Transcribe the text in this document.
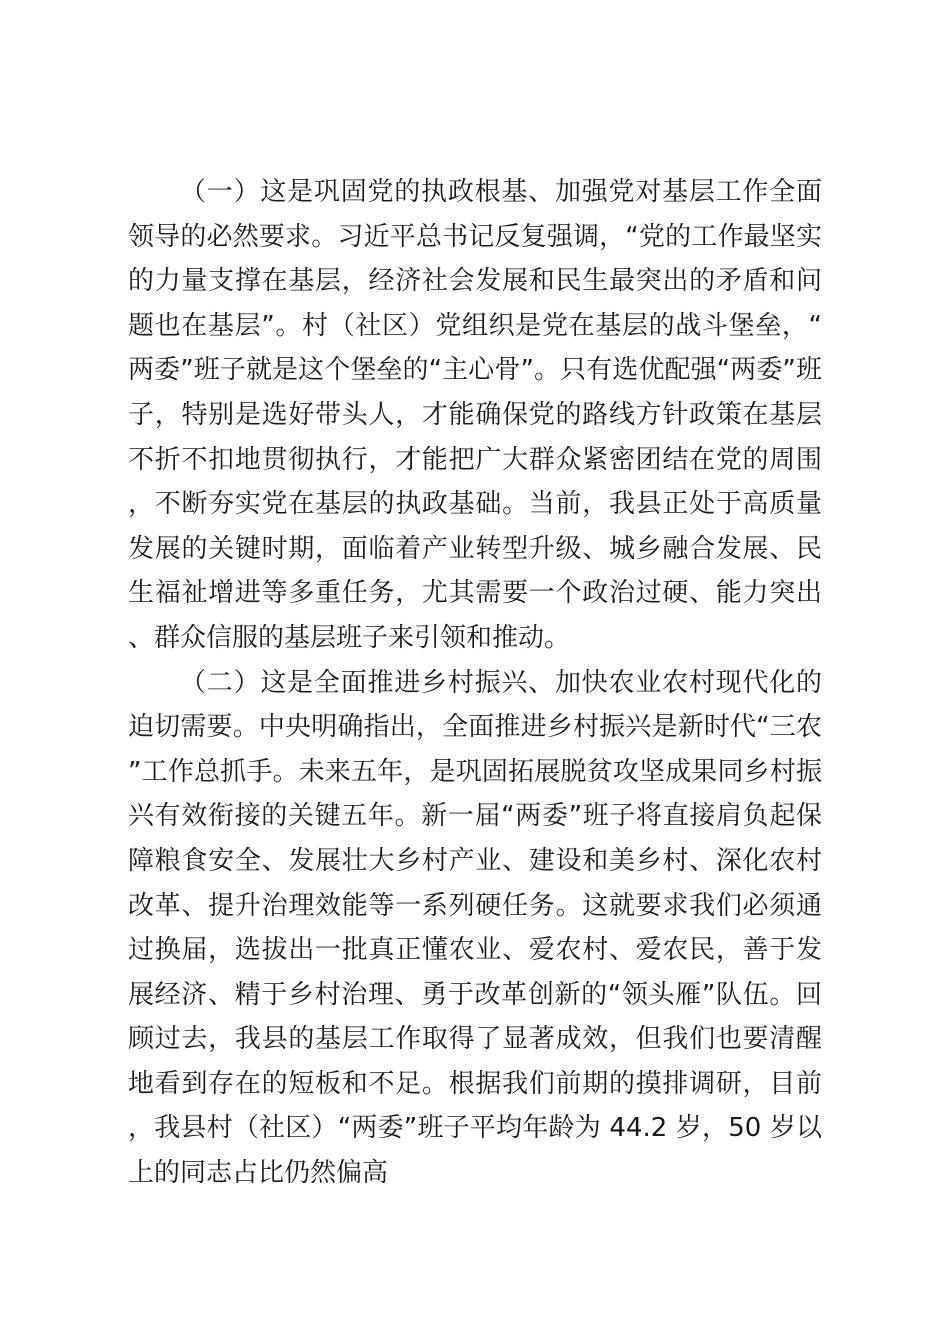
（一）这是巩固党的执政根基、加强党对基层工作全面领导的必然要求。习近平总书记反复强调，“党的工作最坚实的力量支撑在基层，经济社会发展和民生最突出的矛盾和问题也在基层”。村（社区）党组织是党在基层的战斗堡垒，“两委”班子就是这个堡垒的“主心骨”。只有选优配强“两委”班子，特别是选好带头人，才能确保党的路线方针政策在基层不折不扣地贯彻执行，才能把广大群众紧密团结在党的周围，不断夯实党在基层的执政基础。当前，我县正处于高质量发展的关键时期，面临着产业转型升级、城乡融合发展、民生福祉增进等多重任务，尤其需要一个政治过硬、能力突出、群众信服的基层班子来引领和推动。

（二）这是全面推进乡村振兴、加快农业农村现代化的迫切需要。中央明确指出，全面推进乡村振兴是新时代“三农”工作总抓手。未来五年，是巩固拓展脱贫攻坚成果同乡村振兴有效衔接的关键五年。新一届“两委”班子将直接肩负起保障粮食安全、发展壮大乡村产业、建设和美乡村、深化农村改革、提升治理效能等一系列硬任务。这就要求我们必须通过换届，选拔出一批真正懂农业、爱农村、爱农民，善于发展经济、精于乡村治理、勇于改革创新的“领头雁”队伍。回顾过去，我县的基层工作取得了显著成效，但我们也要清醒地看到存在的短板和不足。根据我们前期的摸排调研，目前，我县村（社区）“两委”班子平均年龄为 44.2 岁，50 岁以上的同志占比仍然偏高
